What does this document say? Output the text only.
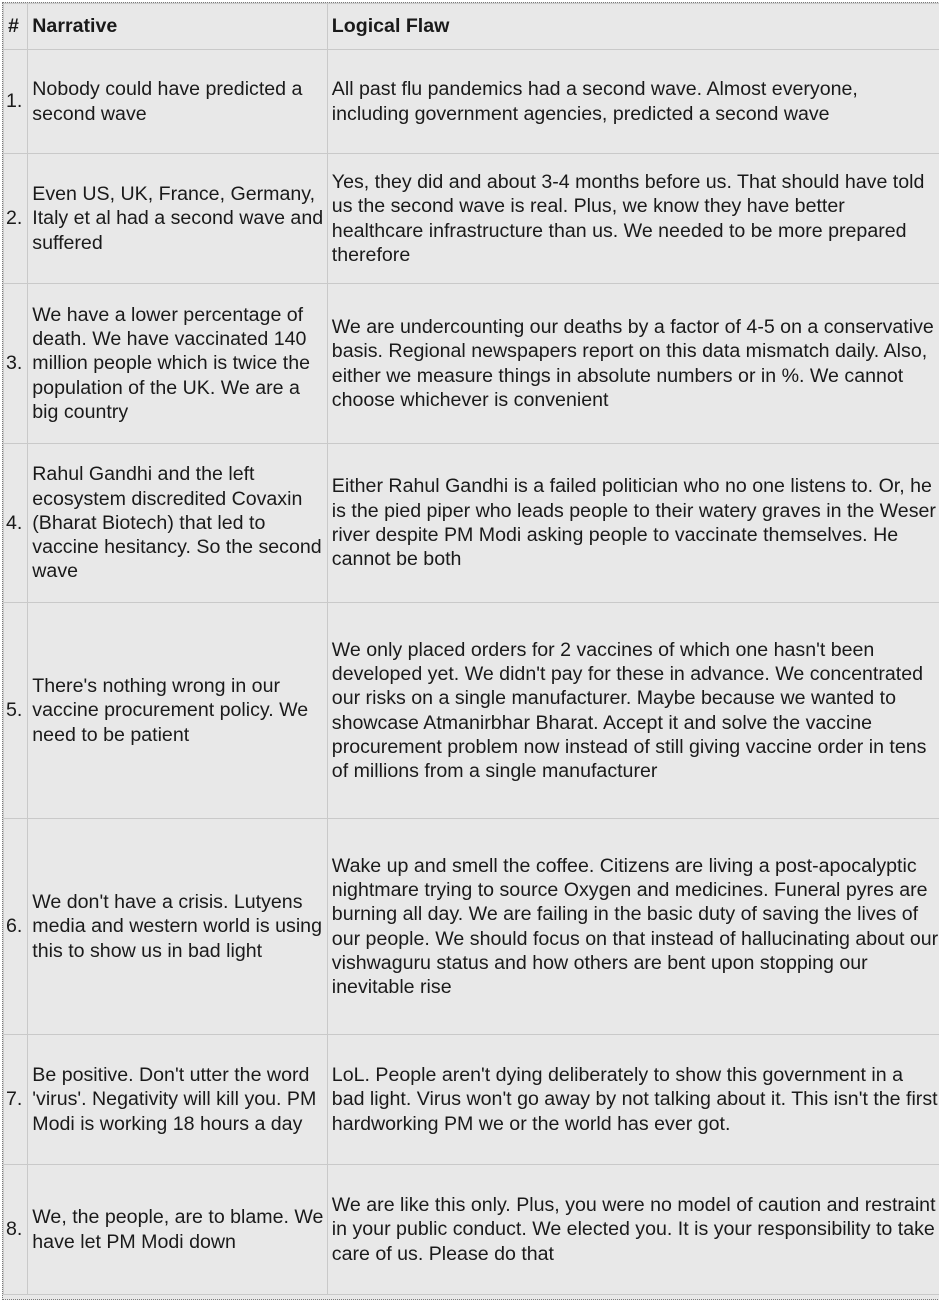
#	Narrative	Logical Flaw
1.	Nobody could have predicted a second wave	All past flu pandemics had a second wave. Almost everyone, including government agencies, predicted a second wave
2.	Even US, UK, France, Germany, Italy et al had a second wave and suffered	Yes, they did and about 3-4 months before us. That should have told us the second wave is real. Plus, we know they have better healthcare infrastructure than us. We needed to be more prepared therefore
3.	We have a lower percentage of death. We have vaccinated 140 million people which is twice the population of the UK. We are a big country	We are undercounting our deaths by a factor of 4-5 on a conservative basis. Regional newspapers report on this data mismatch daily. Also, either we measure things in absolute numbers or in %. We cannot choose whichever is convenient
4.	Rahul Gandhi and the left ecosystem discredited Covaxin (Bharat Biotech) that led to vaccine hesitancy. So the second wave	Either Rahul Gandhi is a failed politician who no one listens to. Or, he is the pied piper who leads people to their watery graves in the Weser river despite PM Modi asking people to vaccinate themselves. He cannot be both
5.	There's nothing wrong in our vaccine procurement policy. We need to be patient	We only placed orders for 2 vaccines of which one hasn't been developed yet. We didn't pay for these in advance. We concentrated our risks on a single manufacturer. Maybe because we wanted to showcase Atmanirbhar Bharat. Accept it and solve the vaccine procurement problem now instead of still giving vaccine order in tens of millions from a single manufacturer
6.	We don't have a crisis. Lutyens media and western world is using this to show us in bad light	Wake up and smell the coffee. Citizens are living a post-apocalyptic nightmare trying to source Oxygen and medicines. Funeral pyres are burning all day. We are failing in the basic duty of saving the lives of our people. We should focus on that instead of hallucinating about our vishwaguru status and how others are bent upon stopping our inevitable rise
7.	Be positive. Don't utter the word 'virus'. Negativity will kill you. PM Modi is working 18 hours a day	LoL. People aren't dying deliberately to show this government in a bad light. Virus won't go away by not talking about it. This isn't the first hardworking PM we or the world has ever got.
8.	We, the people, are to blame. We have let PM Modi down	We are like this only. Plus, you were no model of caution and restraint in your public conduct. We elected you. It is your responsibility to take care of us. Please do that
